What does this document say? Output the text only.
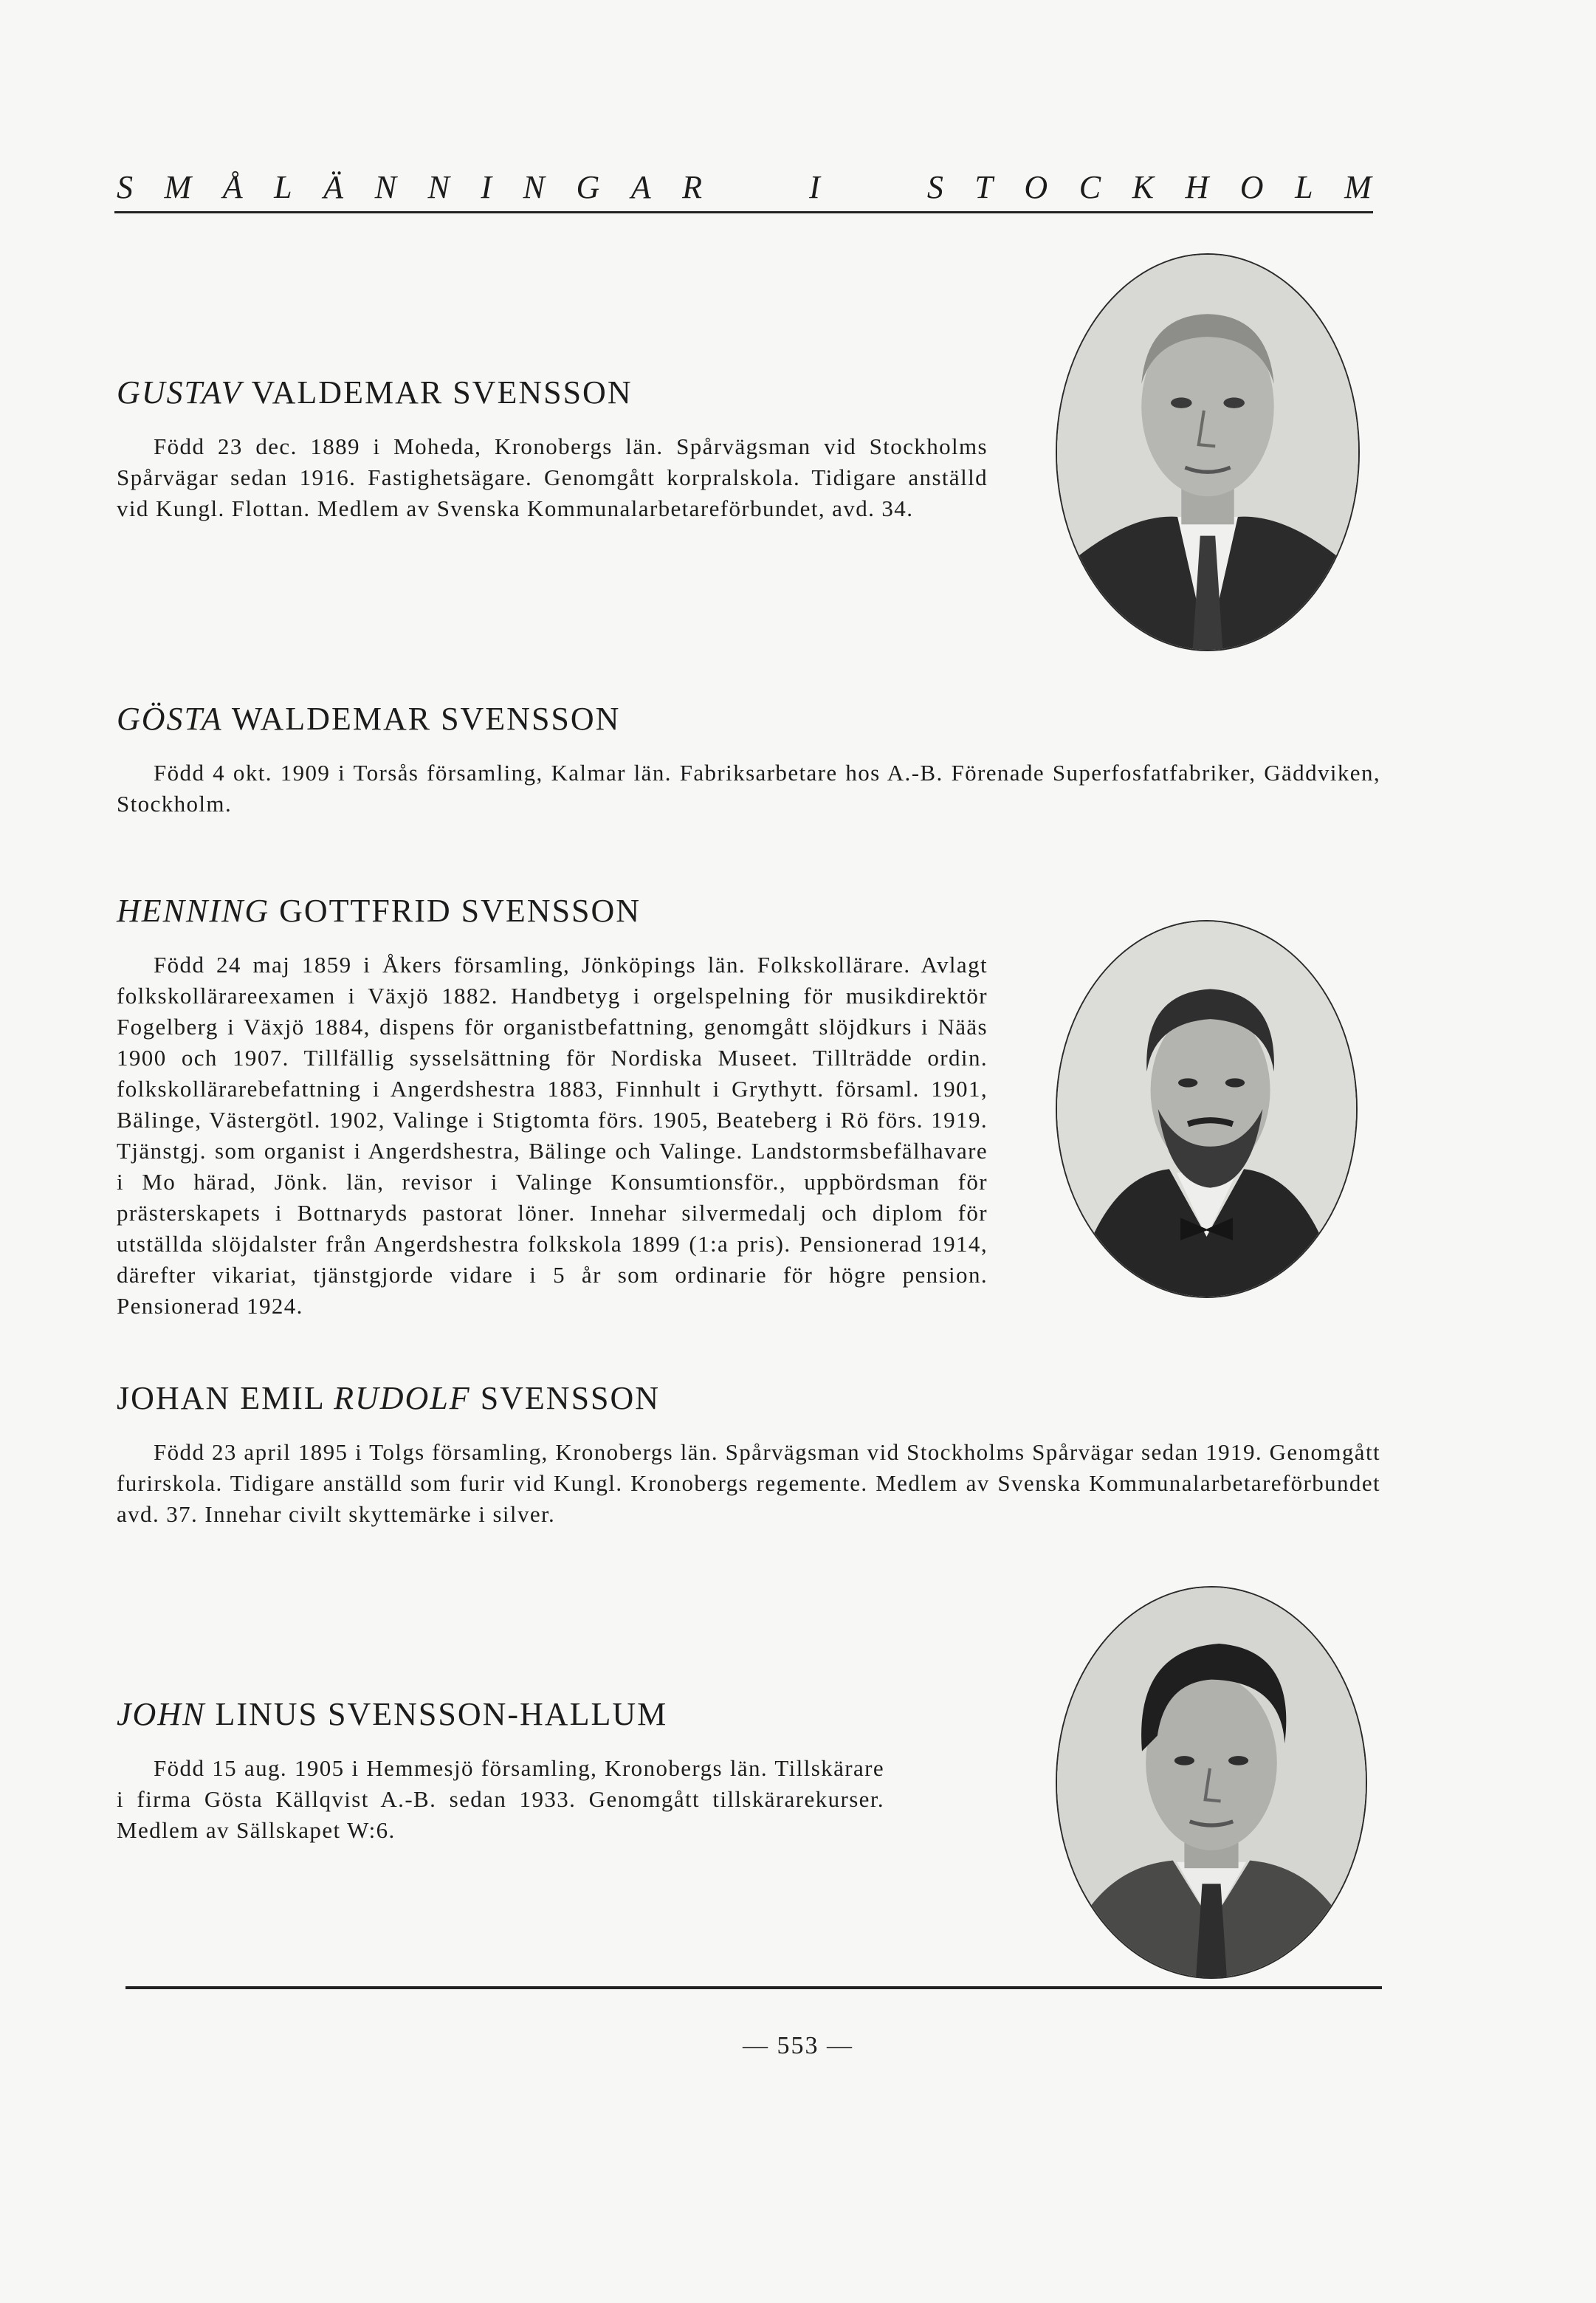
S M Å L Ä N N I N G A R	I	S T O C K H O L M
GUSTAV VALDEMAR SVENSSON

Född 23 dec. 1889 i Moheda, Kronobergs län. Spårvägsman vid Stockholms Spårvägar sedan 1916. Fastighetsägare. Genomgått korpralskola. Tidigare anställd vid Kungl. Flottan. Medlem av Svenska Kommunalarbetareförbundet, avd. 34.

GÖSTA WALDEMAR SVENSSON

Född 4 okt. 1909 i Torsås församling, Kalmar län. Fabriksarbetare hos A.-B. Förenade Superfosfatfabriker, Gäddviken, Stockholm.

HENNING GOTTFRID SVENSSON

Född 24 maj 1859 i Åkers församling, Jönköpings län. Folkskollärare. Avlagt folkskollärareexamen i Växjö 1882. Handbetyg i orgelspelning för musikdirektör Fogelberg i Växjö 1884, dispens för organistbefattning, genomgått slöjdkurs i Nääs 1900 och 1907. Tillfällig sysselsättning för Nordiska Museet. Tillträdde ordin. folkskollärarebefattning i Angerdshestra 1883, Finnhult i Grythytt. församl. 1901, Bälinge, Västergötl. 1902, Valinge i Stigtomta förs. 1905, Beateberg i Rö förs. 1919. Tjänstgj. som organist i Angerdshestra, Bälinge och Valinge. Landstormsbefälhavare i Mo härad, Jönk. län, revisor i Valinge Konsumtionsför., uppbördsman för prästerskapets i Bottnaryds pastorat löner. Innehar silvermedalj och diplom för utställda slöjdalster från Angerdshestra folkskola 1899 (1:a pris). Pensionerad 1914, därefter vikariat, tjänstgjorde vidare i 5 år som ordinarie för högre pension. Pensionerad 1924.

JOHAN EMIL RUDOLF SVENSSON

Född 23 april 1895 i Tolgs församling, Kronobergs län. Spårvägsman vid Stockholms Spårvägar sedan 1919. Genomgått furirskola. Tidigare anställd som furir vid Kungl. Kronobergs regemente. Medlem av Svenska Kommunalarbetareförbundet avd. 37. Innehar civilt skyttemärke i silver.

JOHN LINUS SVENSSON-HALLUM

Född 15 aug. 1905 i Hemmesjö församling, Kronobergs län. Tillskärare i firma Gösta Källqvist A.-B. sedan 1933. Genomgått tillskärarekurser. Medlem av Sällskapet W:6.

— 553 —
